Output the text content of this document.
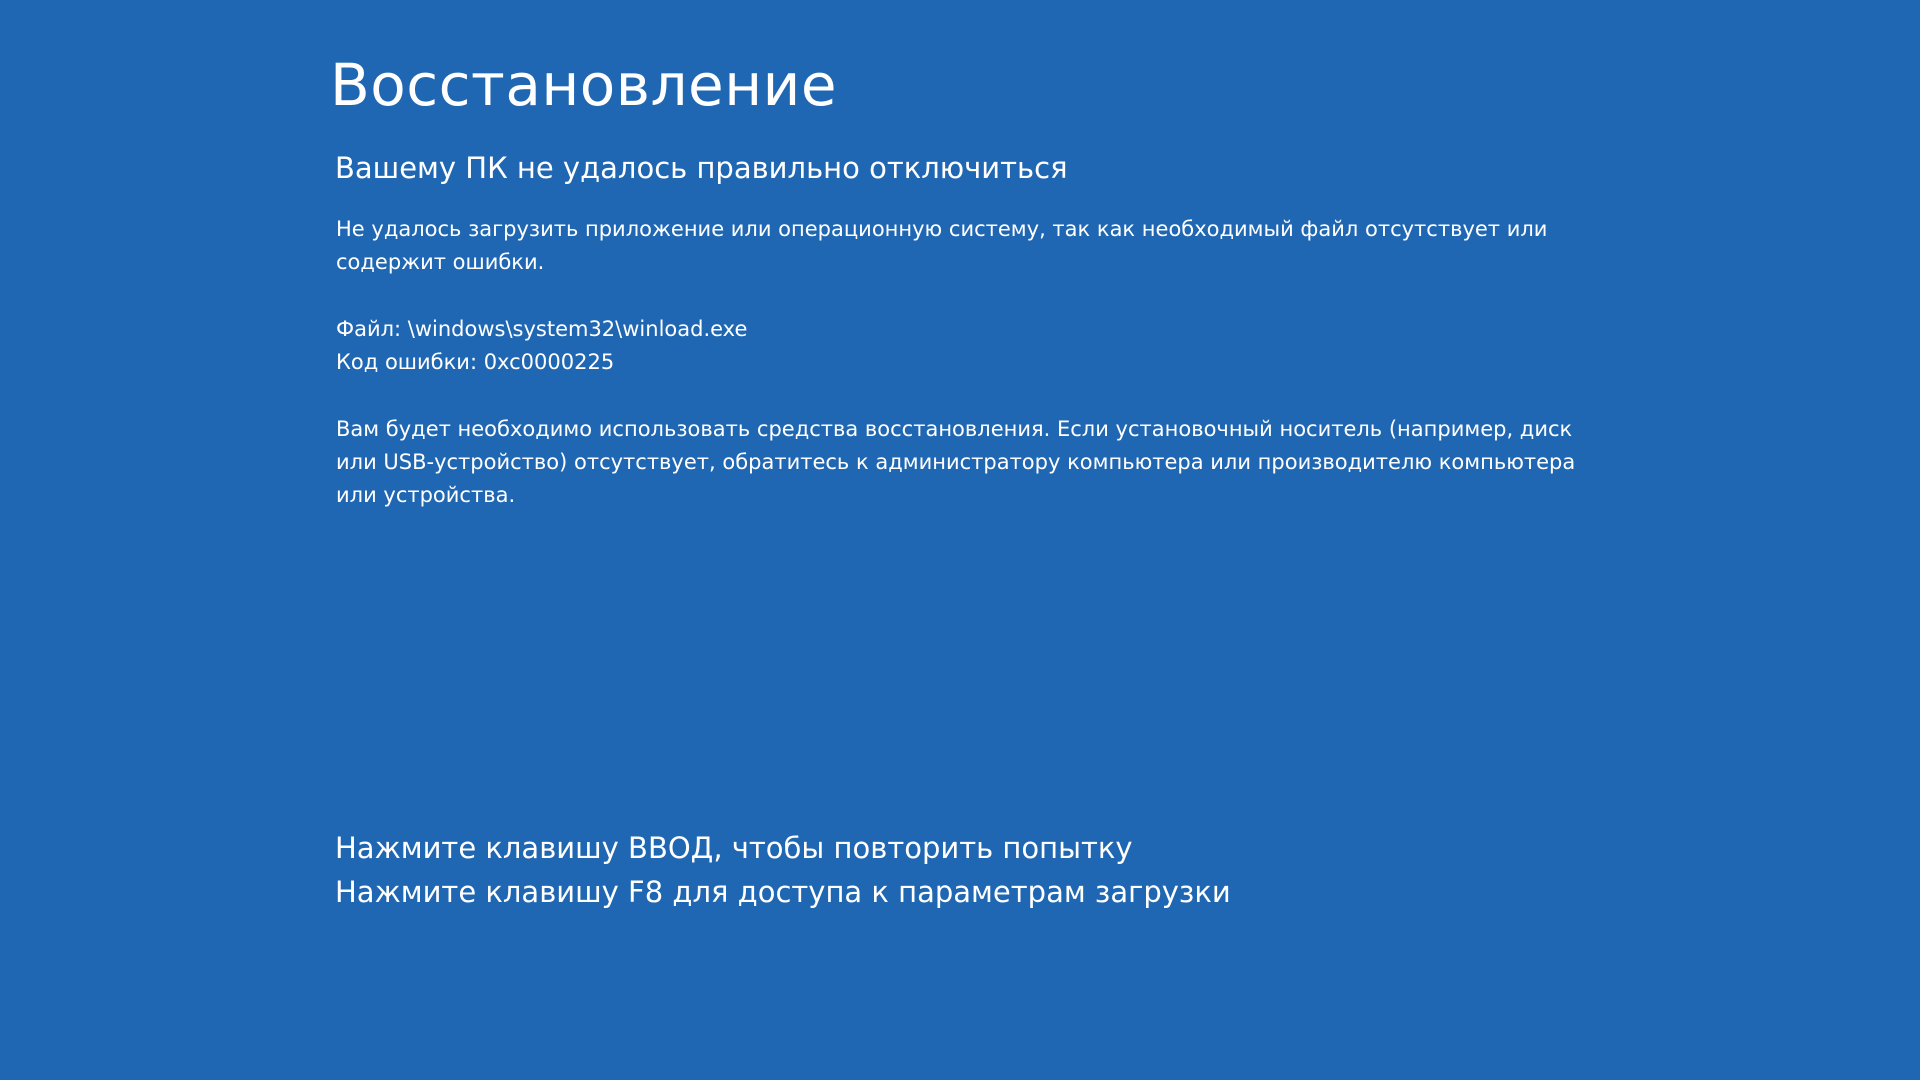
Восстановление
Вашему ПК не удалось правильно отключиться
Не удалось загрузить приложение или операционную систему, так как необходимый файл отсутствует или содержит ошибки.
Файл: \windows\system32\winload.exe
Код ошибки: 0xc0000225
Вам будет необходимо использовать средства восстановления. Если установочный носитель (например, диск или USB-устройство) отсутствует, обратитесь к администратору компьютера или производителю компьютера или устройства.
Нажмите клавишу ВВОД, чтобы повторить попытку
Нажмите клавишу F8 для доступа к параметрам загрузки
